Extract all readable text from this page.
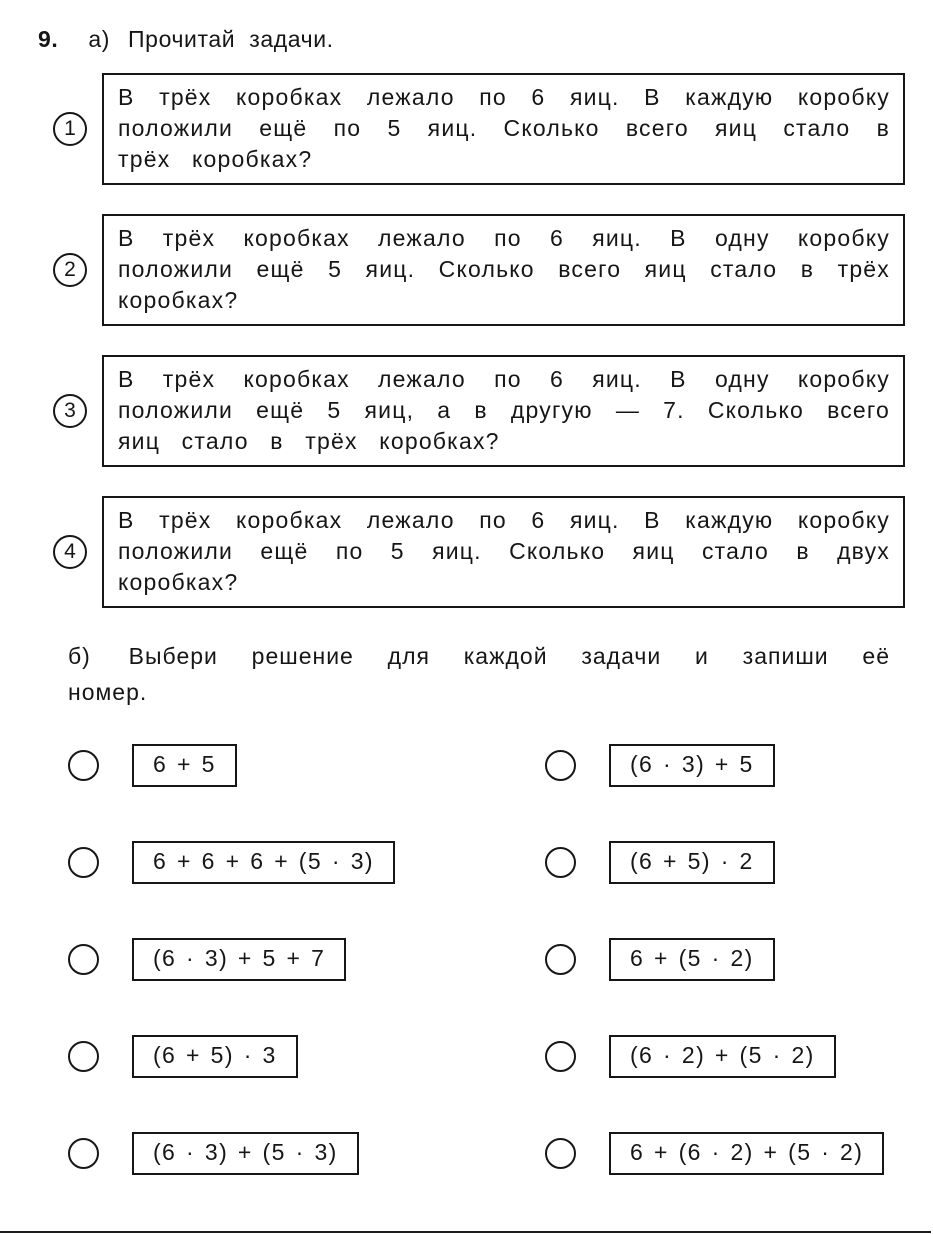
9. а) Прочитай задачи.
1
В трёх коробках лежало по 6 яиц. В каждую коробку положили ещё по 5 яиц. Сколько всего яиц стало в трёх коробках?
2
В трёх коробках лежало по 6 яиц. В одну коробку положили ещё 5 яиц. Сколько всего яиц стало в трёх коробках?
3
В трёх коробках лежало по 6 яиц. В одну коробку положили ещё 5 яиц, а в другую — 7. Сколько всего яиц стало в трёх коробках?
4
В трёх коробках лежало по 6 яиц. В каждую коробку положили ещё по 5 яиц. Сколько яиц стало в двух коробках?
б) Выбери решение для каждой задачи и запиши её номер.
6 + 5	(6 · 3) + 5
6 + 6 + 6 + (5 · 3)	(6 + 5) · 2
(6 · 3) + 5 + 7	6 + (5 · 2)
(6 + 5) · 3	(6 · 2) + (5 · 2)
(6 · 3) + (5 · 3)	6 + (6 · 2) + (5 · 2)
